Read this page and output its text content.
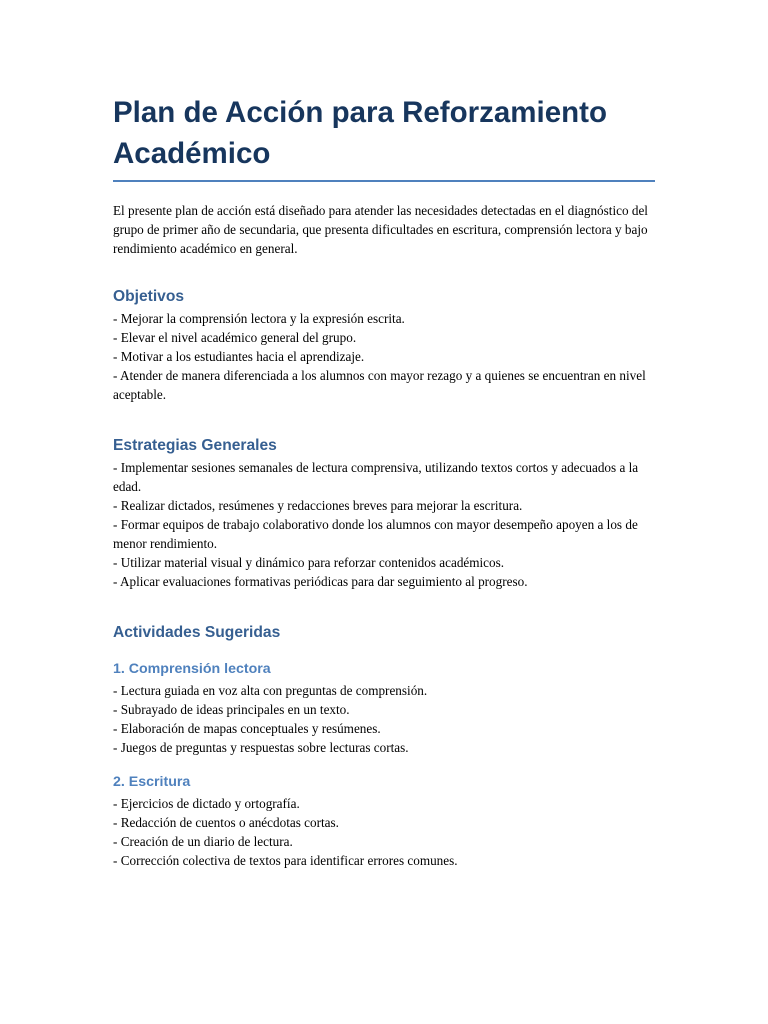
Plan de Acción para Reforzamiento Académico

El presente plan de acción está diseñado para atender las necesidades detectadas en el diagnóstico del grupo de primer año de secundaria, que presenta dificultades en escritura, comprensión lectora y bajo rendimiento académico en general.

Objetivos
- Mejorar la comprensión lectora y la expresión escrita.
- Elevar el nivel académico general del grupo.
- Motivar a los estudiantes hacia el aprendizaje.
- Atender de manera diferenciada a los alumnos con mayor rezago y a quienes se encuentran en nivel aceptable.
Estrategias Generales
- Implementar sesiones semanales de lectura comprensiva, utilizando textos cortos y adecuados a la edad.
- Realizar dictados, resúmenes y redacciones breves para mejorar la escritura.
- Formar equipos de trabajo colaborativo donde los alumnos con mayor desempeño apoyen a los de menor rendimiento.
- Utilizar material visual y dinámico para reforzar contenidos académicos.
- Aplicar evaluaciones formativas periódicas para dar seguimiento al progreso.
Actividades Sugeridas
1. Comprensión lectora
- Lectura guiada en voz alta con preguntas de comprensión.
- Subrayado de ideas principales en un texto.
- Elaboración de mapas conceptuales y resúmenes.
- Juegos de preguntas y respuestas sobre lecturas cortas.
2. Escritura
- Ejercicios de dictado y ortografía.
- Redacción de cuentos o anécdotas cortas.
- Creación de un diario de lectura.
- Corrección colectiva de textos para identificar errores comunes.
